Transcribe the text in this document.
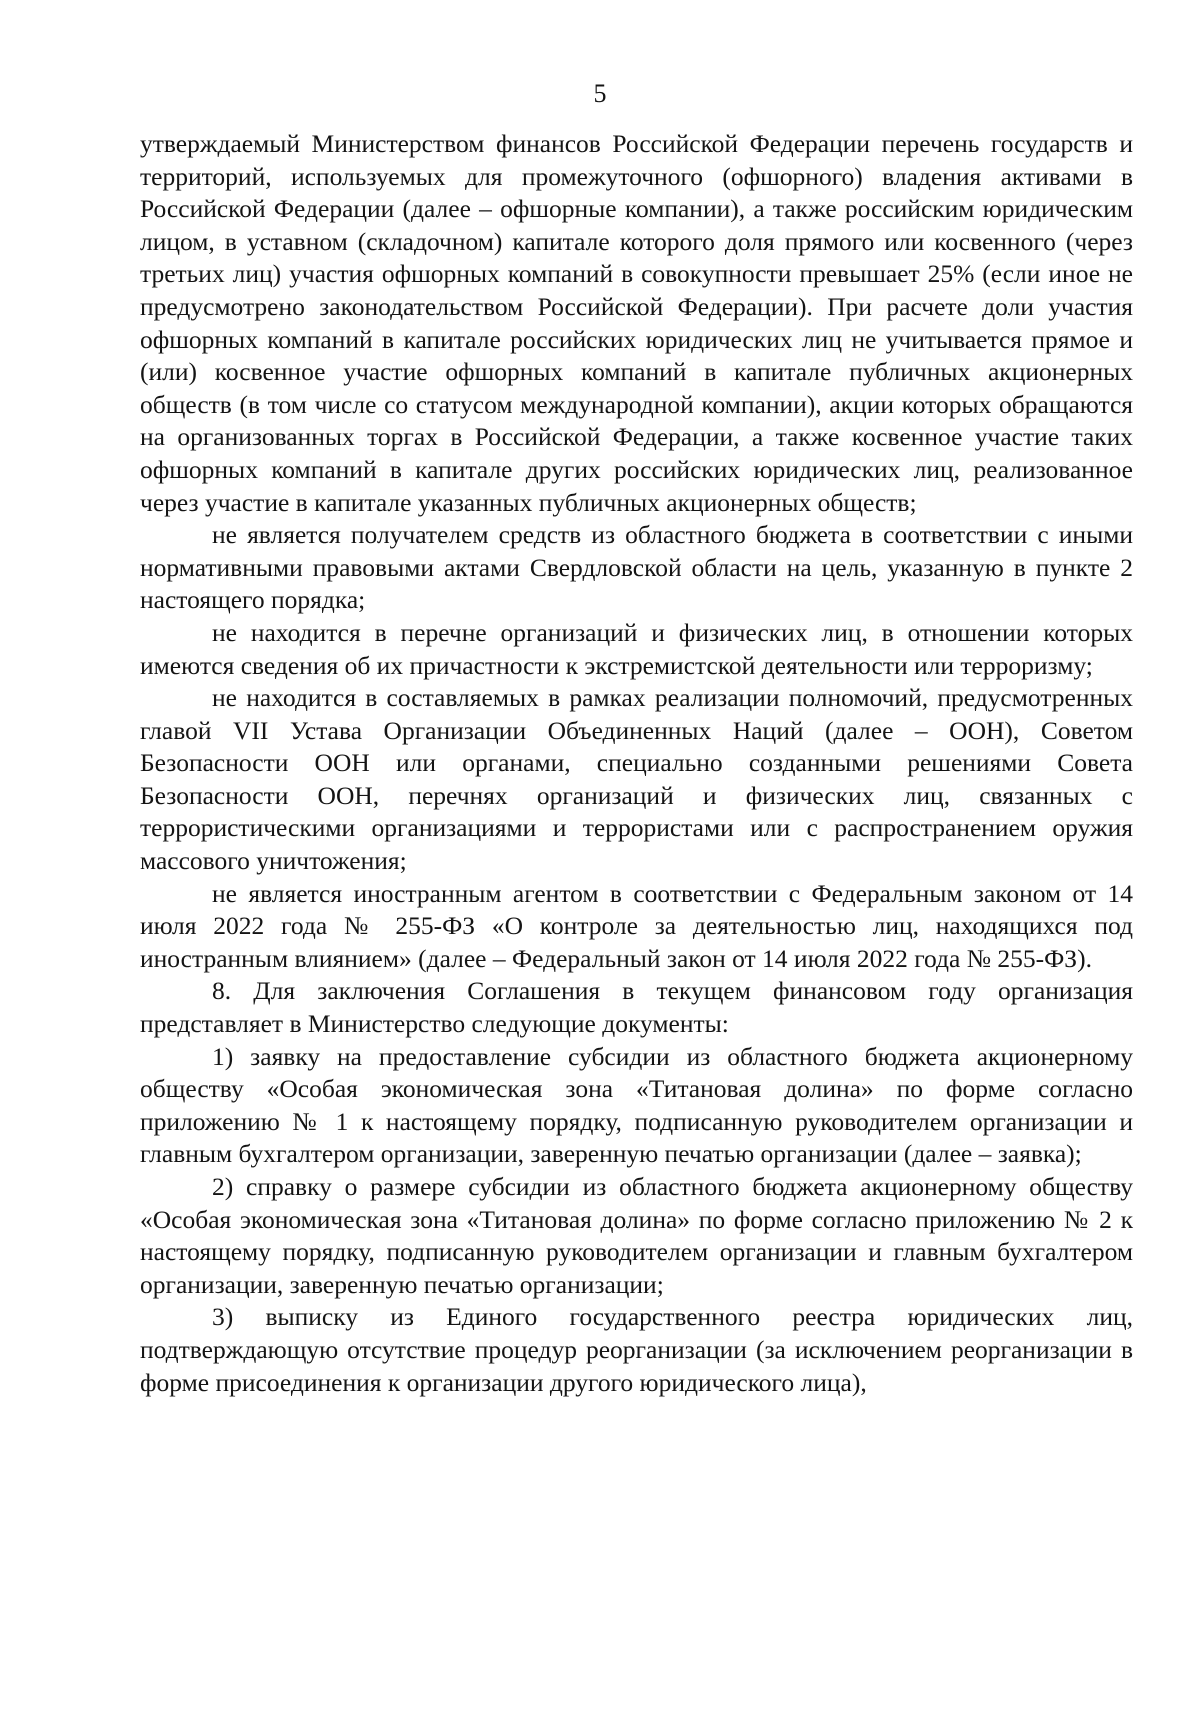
5

утверждаемый Министерством финансов Российской Федерации перечень государств и территорий, используемых для промежуточного (офшорного) владения активами в Российской Федерации (далее – офшорные компании), а также российским юридическим лицом, в уставном (складочном) капитале которого доля прямого или косвенного (через третьих лиц) участия офшорных компаний в совокупности превышает 25% (если иное не предусмотрено законодательством Российской Федерации). При расчете доли участия офшорных компаний в капитале российских юридических лиц не учитывается прямое и (или) косвенное участие офшорных компаний в капитале публичных акционерных обществ (в том числе со статусом международной компании), акции которых обращаются на организованных торгах в Российской Федерации, а также косвенное участие таких офшорных компаний в капитале других российских юридических лиц, реализованное через участие в капитале указанных публичных акционерных обществ;

не является получателем средств из областного бюджета в соответствии с иными нормативными правовыми актами Свердловской области на цель, указанную в пункте 2 настоящего порядка;

не находится в перечне организаций и физических лиц, в отношении которых имеются сведения об их причастности к экстремистской деятельности или терроризму;

не находится в составляемых в рамках реализации полномочий, предусмотренных главой VII Устава Организации Объединенных Наций (далее – ООН), Советом Безопасности ООН или органами, специально созданными решениями Совета Безопасности ООН, перечнях организаций и физических лиц, связанных с террористическими организациями и террористами или с распространением оружия массового уничтожения;

не является иностранным агентом в соответствии с Федеральным законом от 14 июля 2022 года № 255-ФЗ «О контроле за деятельностью лиц, находящихся под иностранным влиянием» (далее – Федеральный закон от 14 июля 2022 года № 255-ФЗ).

8. Для заключения Соглашения в текущем финансовом году организация представляет в Министерство следующие документы:

1) заявку на предоставление субсидии из областного бюджета акционерному обществу «Особая экономическая зона «Титановая долина» по форме согласно приложению № 1 к настоящему порядку, подписанную руководителем организации и главным бухгалтером организации, заверенную печатью организации (далее – заявка);

2) справку о размере субсидии из областного бюджета акционерному обществу «Особая экономическая зона «Титановая долина» по форме согласно приложению № 2 к настоящему порядку, подписанную руководителем организации и главным бухгалтером организации, заверенную печатью организации;

3) выписку из Единого государственного реестра юридических лиц, подтверждающую отсутствие процедур реорганизации (за исключением реорганизации в форме присоединения к организации другого юридического лица),
